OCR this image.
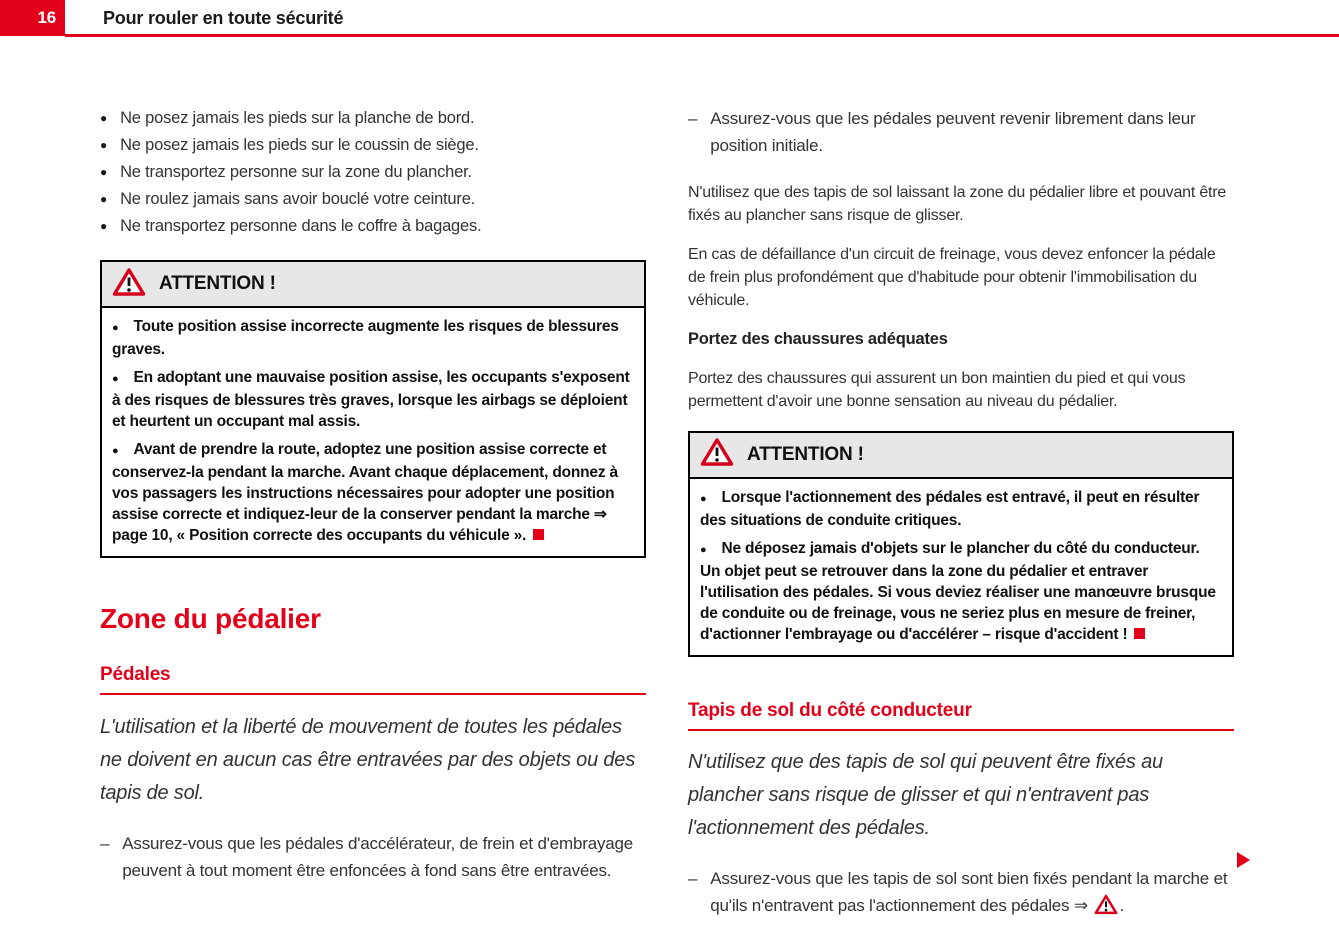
16	Pour rouler en toute sécurité
● Ne posez jamais les pieds sur la planche de bord.
● Ne posez jamais les pieds sur le coussin de siège.
● Ne transportez personne sur la zone du plancher.
● Ne roulez jamais sans avoir bouclé votre ceinture.
● Ne transportez personne dans le coffre à bagages.
ATTENTION !

● Toute position assise incorrecte augmente les risques de blessures graves.

● En adoptant une mauvaise position assise, les occupants s'exposent à des risques de blessures très graves, lorsque les airbags se déploient et heurtent un occupant mal assis.

● Avant de prendre la route, adoptez une position assise correcte et conservez-la pendant la marche. Avant chaque déplacement, donnez à vos passagers les instructions nécessaires pour adopter une position assise correcte et indiquez-leur de la conserver pendant la marche ⇒ page 10, « Position correcte des occupants du véhicule ».

Zone du pédalier
Pédales

L'utilisation et la liberté de mouvement de toutes les pédales ne doivent en aucun cas être entravées par des objets ou des tapis de sol.

– Assurez-vous que les pédales d'accélérateur, de frein et d'embrayage peuvent à tout moment être enfoncées à fond sans être entravées.
– Assurez-vous que les pédales peuvent revenir librement dans leur position initiale.

N'utilisez que des tapis de sol laissant la zone du pédalier libre et pouvant être fixés au plancher sans risque de glisser.

En cas de défaillance d'un circuit de freinage, vous devez enfoncer la pédale de frein plus profondément que d'habitude pour obtenir l'immobilisation du véhicule.

Portez des chaussures adéquates

Portez des chaussures qui assurent un bon maintien du pied et qui vous permettent d'avoir une bonne sensation au niveau du pédalier.

ATTENTION !

● Lorsque l'actionnement des pédales est entravé, il peut en résulter des situations de conduite critiques.

● Ne déposez jamais d'objets sur le plancher du côté du conducteur. Un objet peut se retrouver dans la zone du pédalier et entraver l'utilisation des pédales. Si vous deviez réaliser une manœuvre brusque de conduite ou de freinage, vous ne seriez plus en mesure de freiner, d'actionner l'embrayage ou d'accélérer – risque d'accident !

Tapis de sol du côté conducteur

N'utilisez que des tapis de sol qui peuvent être fixés au plancher sans risque de glisser et qui n'entravent pas l'actionnement des pédales.

– Assurez-vous que les tapis de sol sont bien fixés pendant la marche et qu'ils n'entravent pas l'actionnement des pédales ⇒ .
